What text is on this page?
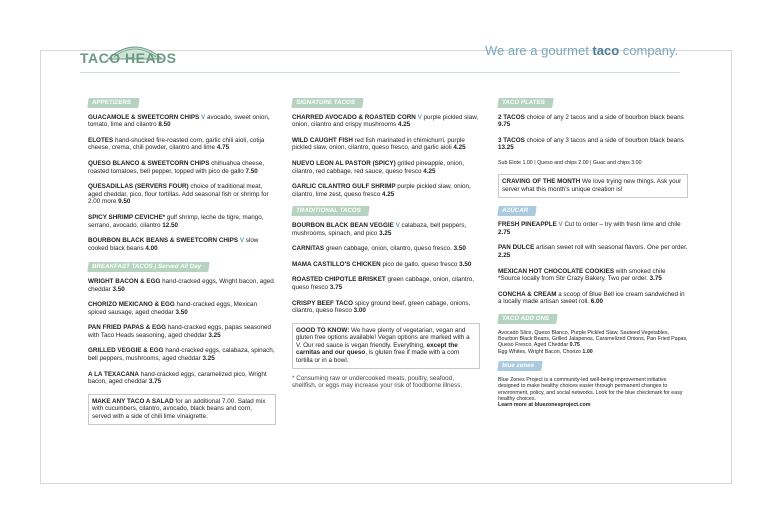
TACO HEADS	We are a gourmet taco company.
APPETIZERS
GUACAMOLE & SWEETCORN CHIPS V avocado, sweet onion, tomato, lime and cilantro 8.50
ELOTES hand-shucked fire-roasted corn, garlic chili aioli, cotija cheese, crema, chili powder, cilantro and lime 4.75
QUESO BLANCO & SWEETCORN CHIPS chihuahua cheese, roasted tomatoes, bell pepper, topped with pico de gallo 7.50
QUESADILLAS (SERVERS FOUR) choice of traditional meat, aged cheddar, pico, flour tortillas. Add seasonal fish or shrimp for 2.00 more 9.50
SPICY SHRIMP CEVICHE* gulf shrimp, leche de tigre, mango, serrano, avocado, cilantro 12.50
BOURBON BLACK BEANS & SWEETCORN CHIPS V slow cooked black beans 4.00
BREAKFAST TACOS | Served All Day
WRIGHT BACON & EGG hand-cracked eggs, Wright bacon, aged cheddar 3.50
CHORIZO MEXICANO & EGG hand-cracked eggs, Mexican spiced sausage, aged cheddar 3.50
PAN FRIED PAPAS & EGG hand-cracked eggs, papas seasoned with Taco Heads seasoning, aged cheddar 3.25
GRILLED VEGGIE & EGG hand-cracked eggs, calabaza, spinach, bell peppers, mushrooms, aged cheddar 3.25
A LA TEXACANA hand-cracked eggs, caramelized pico, Wright bacon, aged cheddar 3.75
MAKE ANY TACO A SALAD for an additional 7.00. Salad mix with cucumbers, cilantro, avocado, black beans and corn, served with a side of chili lime vinaigrette.
SIGNATURE TACOS
CHARRED AVOCADO & ROASTED CORN V purple pickled slaw, onion, cilantro and crispy mushrooms 4.25
WILD CAUGHT FISH red fish marinated in chimichurri, purple pickled slaw, onion, cilantro, queso fresco, and garlic aioli 4.25
NUEVO LEON AL PASTOR (SPICY) grilled pineapple, onion, cilantro, red cabbage, red sauce, queso fresco 4.25
GARLIC CILANTRO GULF SHRIMP purple pickled slaw, onion, cilantro, lime zest, queso fresco 4.25
TRADITIONAL TACOS
BOURBON BLACK BEAN VEGGIE V calabaza, bell peppers, mushrooms, spinach, and pico 3.25
CARNITAS green cabbage, onion, cilantro, queso fresco. 3.50
MAMA CASTILLO'S CHICKEN pico de gallo, queso fresco 3.50
ROASTED CHIPOTLE BRISKET green cabbage, onion, cilantro, queso fresco 3.75
CRISPY BEEF TACO spicy ground beef, green cabage, onions, cilantro, queso fresco 3.00
GOOD TO KNOW: We have plenty of vegetarian, vegan and gluten free options available! Vegan options are marked with a V. Our red sauce is vegan friendly. Everything, except the carnitas and our queso, is gluten free if made with a corn tortilla or in a bowl.
* Consuming raw or undercooked meats, poultry, seafood, shellfish, or eggs may increase your risk of foodborne illness.
TACO PLATES
2 TACOS choice of any 2 tacos and a side of bourbon black beans 9.75
3 TACOS choice of any 3 tacos and a side of bourbon black beans 13.25
Sub Elote 1.00 | Queso and chips 2.00 | Guac and chips 3.00
CRAVING OF THE MONTH We love trying new things. Ask your server what this month's unique creation is!
AZÚCAR
FRESH PINEAPPLE V Cut to order – try with fresh lime and chile 2.75
PAN DULCE artisan sweet roll with seasonal flavors. One per order. 2.25
MEXICAN HOT CHOCOLATE COOKIES with smoked chile *Source locally from Stir Crazy Bakery. Two per order. 3.75
CONCHA & CREAM a scoop of Blue Bell ice cream sandwiched in a locally made artisan sweet roll. 6.00
TACO ADD ONS
Avocado Slice, Queso Blanco, Purple Pickled Slaw, Sauteed Vegetables, Bourbon Black Beans, Grilled Jalapenos, Caramelized Onions, Pan Fried Papas, Queso Fresco, Aged Cheddar 0.75
Egg Whites, Wright Bacon, Chorizo 1.00
blue zones
Blue Zones Project is a community-led well-being improvement initiative designed to make healthy choices easier through permanent changes to environment, policy, and social networks. Look for the blue checkmark for easy healthy choices.
Learn more at bluezonesproject.com
